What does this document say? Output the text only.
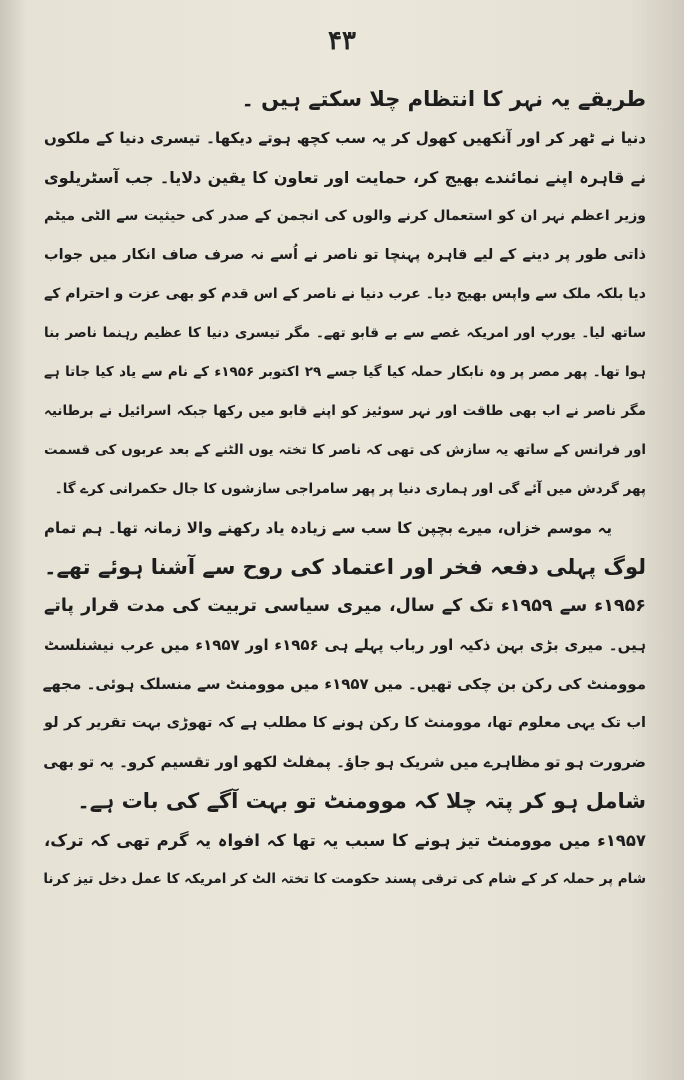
۴۳
طریقے یہ نہر کا انتظام چلا سکتے ہیں ۔
دنیا نے ٹھر کر اور آنکھیں کھول کر یہ سب کچھ ہوتے دیکھا۔ تیسری دنیا کے ملکوں
نے قاہرہ اپنے نمائندے بھیج کر، حمایت اور تعاون کا یقین دلایا۔ جب آسٹریلوی
وزیر اعظم نہر ان کو استعمال کرنے والوں کی انجمن کے صدر کی حیثیت سے الٹی میٹم
ذاتی طور پر دینے کے لیے قاہرہ پہنچا تو ناصر نے اُسے نہ صرف صاف انکار میں جواب
دیا بلکہ ملک سے واپس بھیج دیا۔ عرب دنیا نے ناصر کے اس قدم کو بھی عزت و احترام کے
ساتھ لیا۔ یورپ اور امریکہ غصے سے بے قابو تھے۔ مگر تیسری دنیا کا عظیم رہنما ناصر بنا
ہوا تھا۔ پھر مصر پر وہ نابکار حملہ کیا گیا جسے ۲۹ اکتوبر ۱۹۵۶ء کے نام سے یاد کیا جاتا ہے
مگر ناصر نے اب بھی طاقت اور نہر سوئیز کو اپنے قابو میں رکھا جبکہ اسرائیل نے برطانیہ
اور فرانس کے ساتھ یہ سازش کی تھی کہ ناصر کا تختہ یوں الٹنے کے بعد عربوں کی قسمت
پھر گردش میں آئے گی اور ہماری دنیا پر پھر سامراجی سازشوں کا جال حکمرانی کرے گا۔
یہ موسم خزاں، میرے بچپن کا سب سے زیادہ یاد رکھنے والا زمانہ تھا۔ ہم تمام
لوگ پہلی دفعہ فخر اور اعتماد کی روح سے آشنا ہوئے تھے۔
۱۹۵۶ء سے ۱۹۵۹ء تک کے سال، میری سیاسی تربیت کی مدت قرار پاتے
ہیں۔ میری بڑی بہن ذکیہ اور رباب پہلے ہی ۱۹۵۶ء اور ۱۹۵۷ء میں عرب نیشنلسٹ
موومنٹ کی رکن بن چکی تھیں۔ میں ۱۹۵۷ء میں موومنٹ سے منسلک ہوئی۔ مجھے
اب تک یہی معلوم تھا، موومنٹ کا رکن ہونے کا مطلب ہے کہ تھوڑی بہت تقریر کر لو
ضرورت ہو تو مظاہرے میں شریک ہو جاؤ۔ پمفلٹ لکھو اور تقسیم کرو۔ یہ تو بھی
شامل ہو کر پتہ چلا کہ موومنٹ تو بہت آگے کی بات ہے۔
۱۹۵۷ء میں موومنٹ تیز ہونے کا سبب یہ تھا کہ افواہ یہ گرم تھی کہ ترک،
شام پر حملہ کر کے شام کی ترقی پسند حکومت کا تختہ الٹ کر امریکہ کا عمل دخل تیز کرنا
